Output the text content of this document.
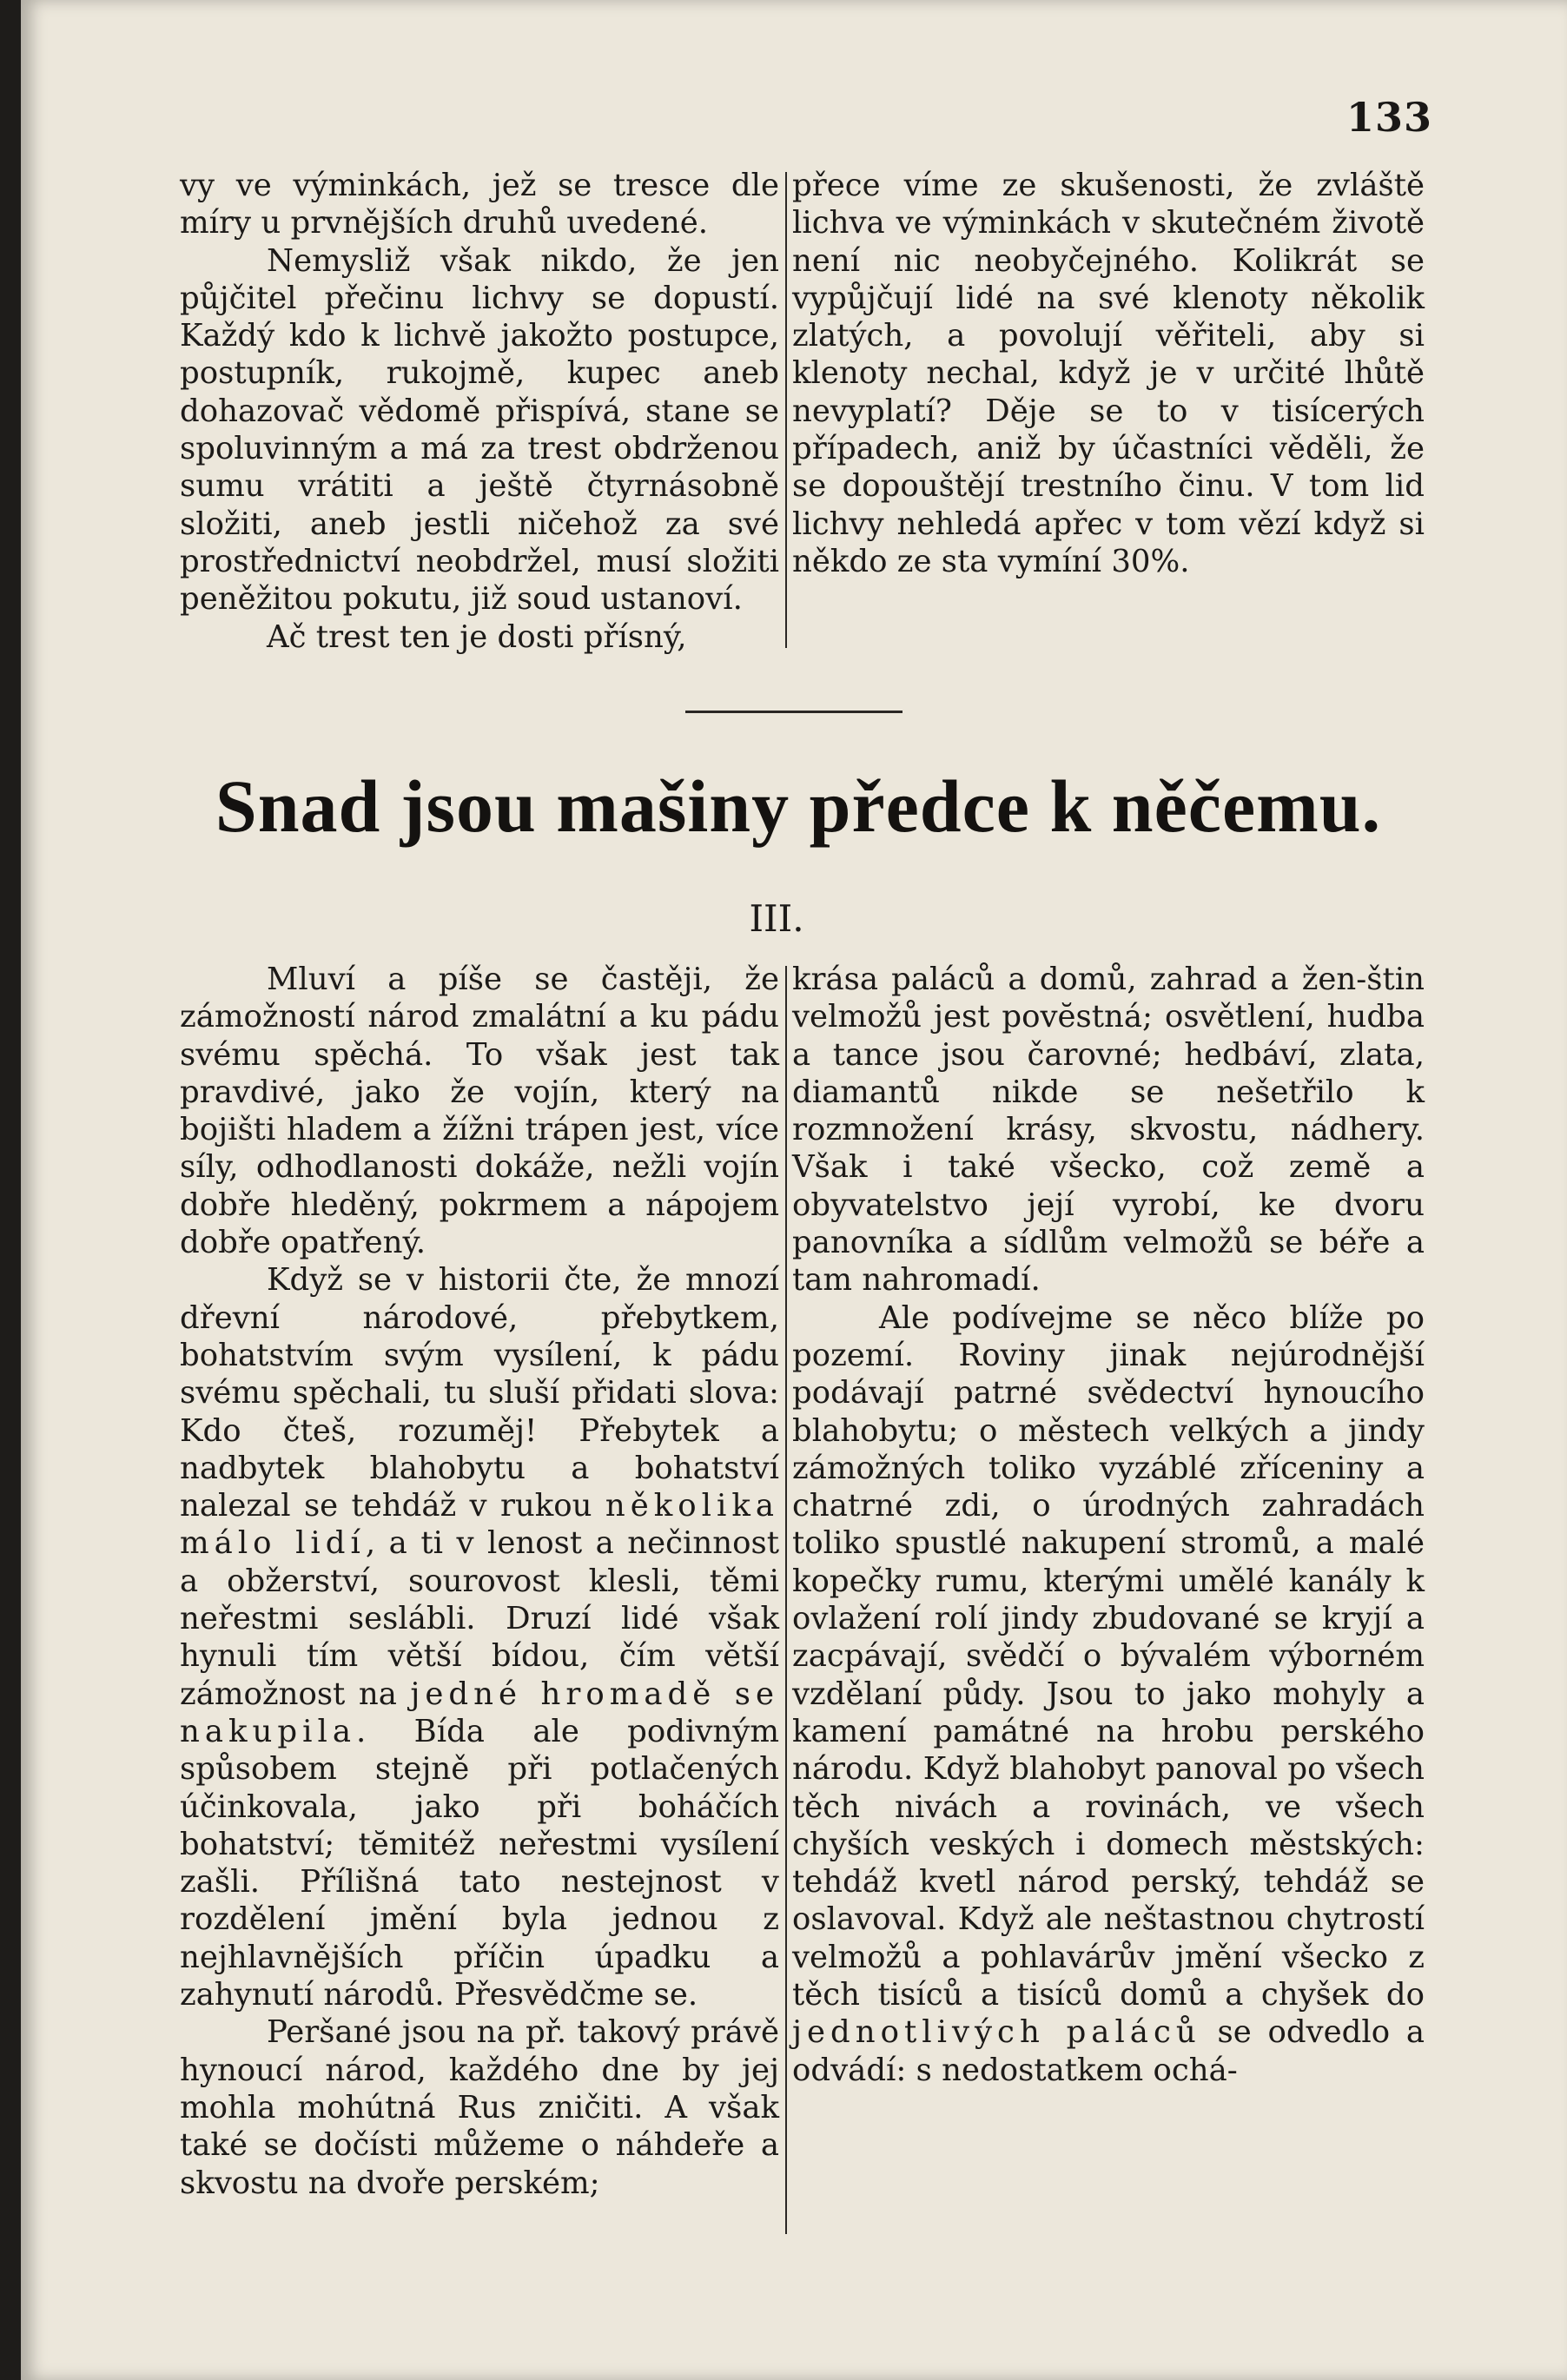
133

vy ve výminkách, jež se tresce dle míry u prvnějších druhů uvedené.

Nemysliž však nikdo, že jen půjčitel přečinu lichvy se dopustí. Každý kdo k lichvě jakožto postupce, postupník, rukojmě, kupec aneb dohazovač vědomě přispívá, stane se spoluvinným a má za trest obdrženou sumu vrátiti a ještě čtyrnásobně složiti, aneb jestli ničehož za své prostřednictví neobdržel, musí složiti peněžitou pokutu, již soud ustanoví.

Ač trest ten je dosti přísný,

přece víme ze skušenosti, že zvláště lichva ve výminkách v skutečném životě není nic neobyčejného. Kolikrát se vypůjčují lidé na své klenoty několik zlatých, a povolují věřiteli, aby si klenoty nechal, když je v určité lhůtě nevyplatí? Děje se to v tisícerých případech, aniž by účastníci věděli, že se dopouštějí trestního činu. V tom lid lichvy nehledá apřec v tom vězí když si někdo ze sta vymíní 30%.

Snad jsou mašiny předce k něčemu.
III.

Mluví a píše se častěji, že zámožností národ zmalátní a ku pádu svému spěchá. To však jest tak pravdivé, jako že vojín, který na bojišti hladem a žížni trápen jest, více síly, odhodlanosti dokáže, nežli vojín dobře hleděný, pokrmem a nápojem dobře opatřený.

Když se v historii čte, že mnozí dřevní národové, přebytkem, bohatstvím svým vysílení, k pádu svému spěchali, tu sluší přidati slova: Kdo čteš, rozuměj! Přebytek a nadbytek blahobytu a bohatství nalezal se tehdáž v rukou několika málo lidí, a ti v lenost a nečinnost a obžerství, sourovost klesli, těmi neřestmi seslábli. Druzí lidé však hynuli tím větší bídou, čím větší zámožnost na jedné hromadě se nakupila. Bída ale podivným spůsobem stejně při potlačených účinkovala, jako při boháčích bohatství; tĕmitéž neřestmi vysílení zašli. Přílišná tato nestejnost v rozdělení jmění byla jednou z nejhlavnějších příčin úpadku a zahynutí národů. Přesvědčme se.

Peršané jsou na př. takový právě hynoucí národ, každého dne by jej mohla mohútná Rus zničiti. A však také se dočísti můžeme o náhdeře a skvostu na dvoře perském;

krása paláců a domů, zahrad a žen-štin velmožů jest povĕstná; osvětlení, hudba a tance jsou čarovné; hedbáví, zlata, diamantů nikde se nešetřilo k rozmnožení krásy, skvostu, nádhery. Však i také všecko, což země a obyvatelstvo její vyrobí, ke dvoru panovníka a sídlům velmožů se béře a tam nahromadí.

Ale podívejme se něco blíže po pozemí. Roviny jinak nejúrodnější podávají patrné svědectví hynoucího blahobytu; o městech velkých a jindy zámožných toliko vyzáblé zříceniny a chatrné zdi, o úrodných zahradách toliko spustlé nakupení stromů, a malé kopečky rumu, kterými umělé kanály k ovlažení rolí jindy zbudované se kryjí a zacpávají, svědčí o bývalém výborném vzdělaní půdy. Jsou to jako mohyly a kamení památné na hrobu perského národu. Když blahobyt panoval po všech těch nivách a rovinách, ve všech chyších veských i domech městských: tehdáž kvetl národ perský, tehdáž se oslavoval. Když ale neštastnou chytrostí velmožů a pohlavárův jmění všecko z těch tisíců a tisíců domů a chyšek do jednotlivých paláců se odvedlo a odvádí: s nedostatkem ochá-
